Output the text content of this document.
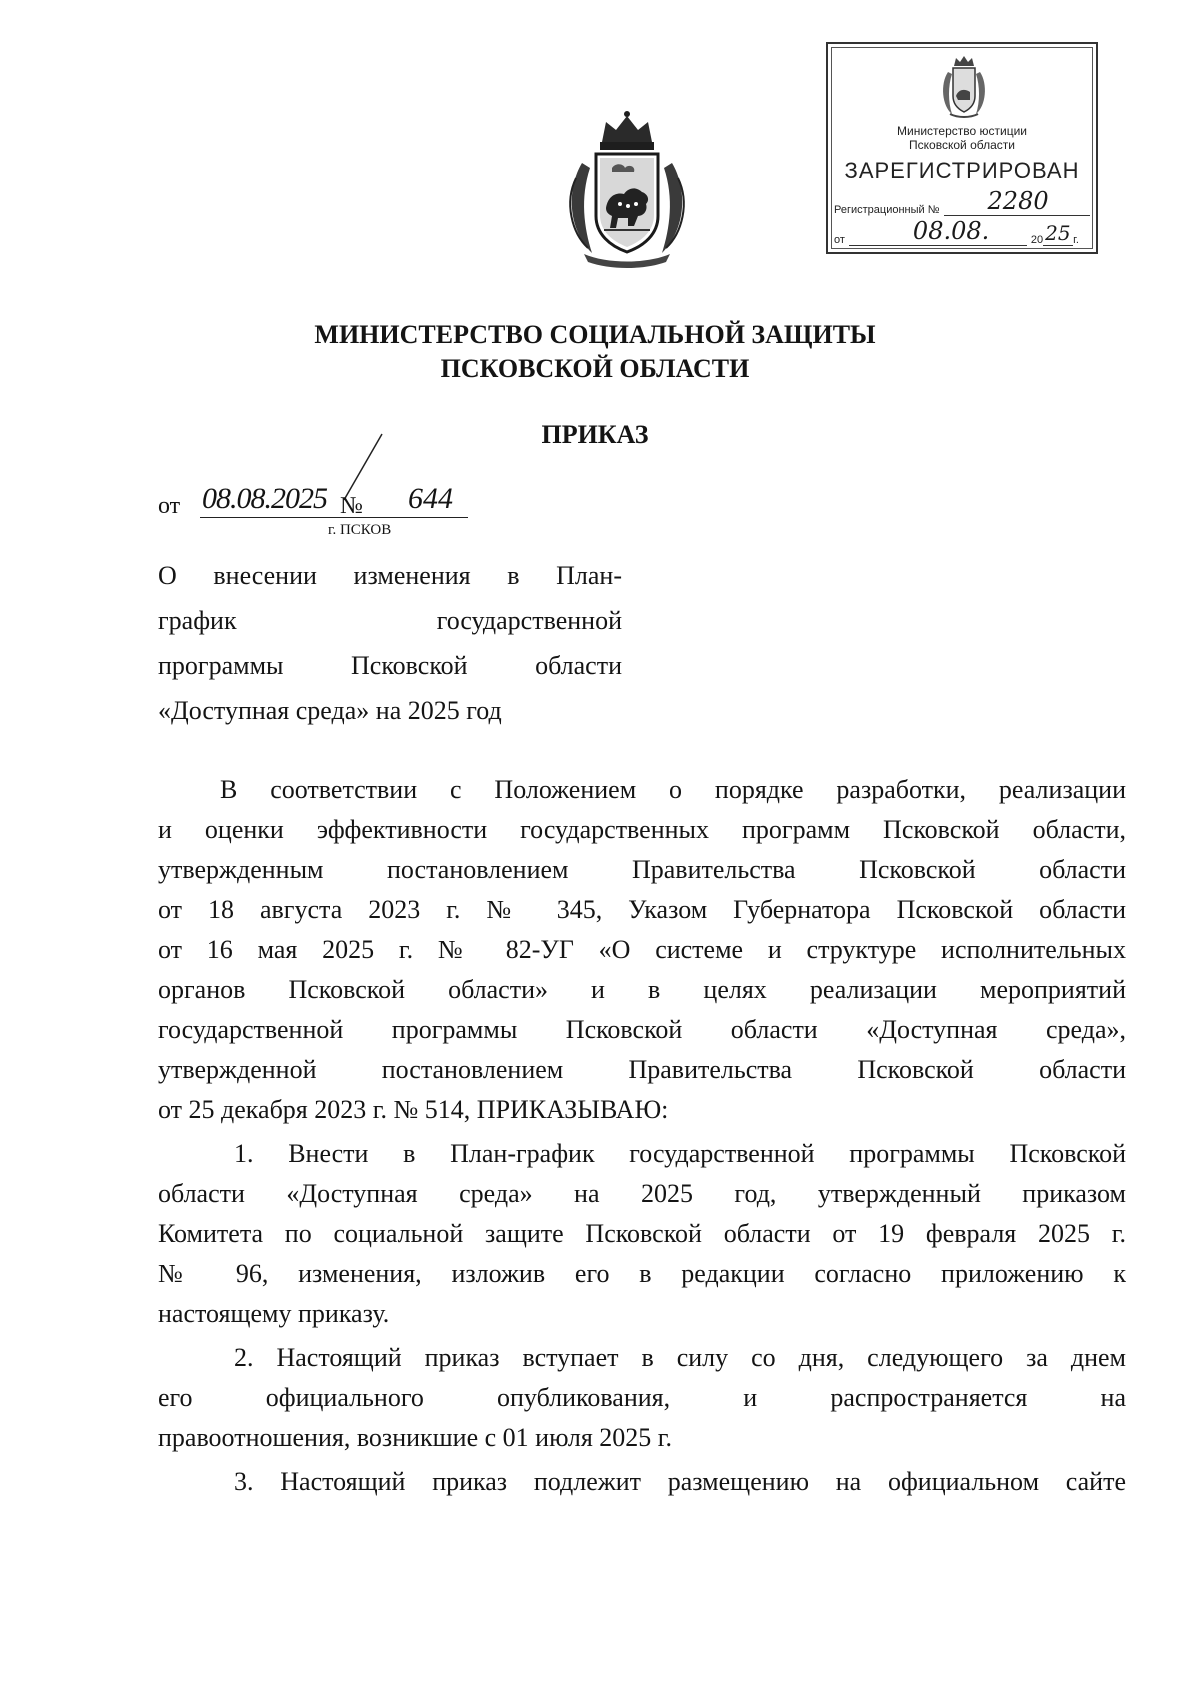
Министерство юстиции
Псковской области
ЗАРЕГИСТРИРОВАН
Регистрационный № 2280
от	08.08.	20 25 г.
МИНИСТЕРСТВО СОЦИАЛЬНОЙ ЗАЩИТЫ
ПСКОВСКОЙ ОБЛАСТИ
ПРИКАЗ
от 08.08.2025 № 644
г. ПСКОВ
О внесении изменения в План-
график государственной
программы Псковской области
«Доступная среда» на 2025 год
В соответствии с Положением о порядке разработки, реализации
и оценки эффективности государственных программ Псковской области,
утвержденным постановлением Правительства Псковской области
от 18 августа 2023 г. № 345, Указом Губернатора Псковской области
от 16 мая 2025 г. № 82-УГ «О системе и структуре исполнительных
органов Псковской области» и в целях реализации мероприятий
государственной программы Псковской области «Доступная среда»,
утвержденной постановлением Правительства Псковской области
от 25 декабря 2023 г. № 514, ПРИКАЗЫВАЮ:
1. Внести в План-график государственной программы Псковской
области «Доступная среда» на 2025 год, утвержденный приказом
Комитета по социальной защите Псковской области от 19 февраля 2025 г.
№ 96, изменения, изложив его в редакции согласно приложению к
настоящему приказу.
2. Настоящий приказ вступает в силу со дня, следующего за днем
его официального опубликования, и распространяется на
правоотношения, возникшие с 01 июля 2025 г.
3. Настоящий приказ подлежит размещению на официальном сайте
